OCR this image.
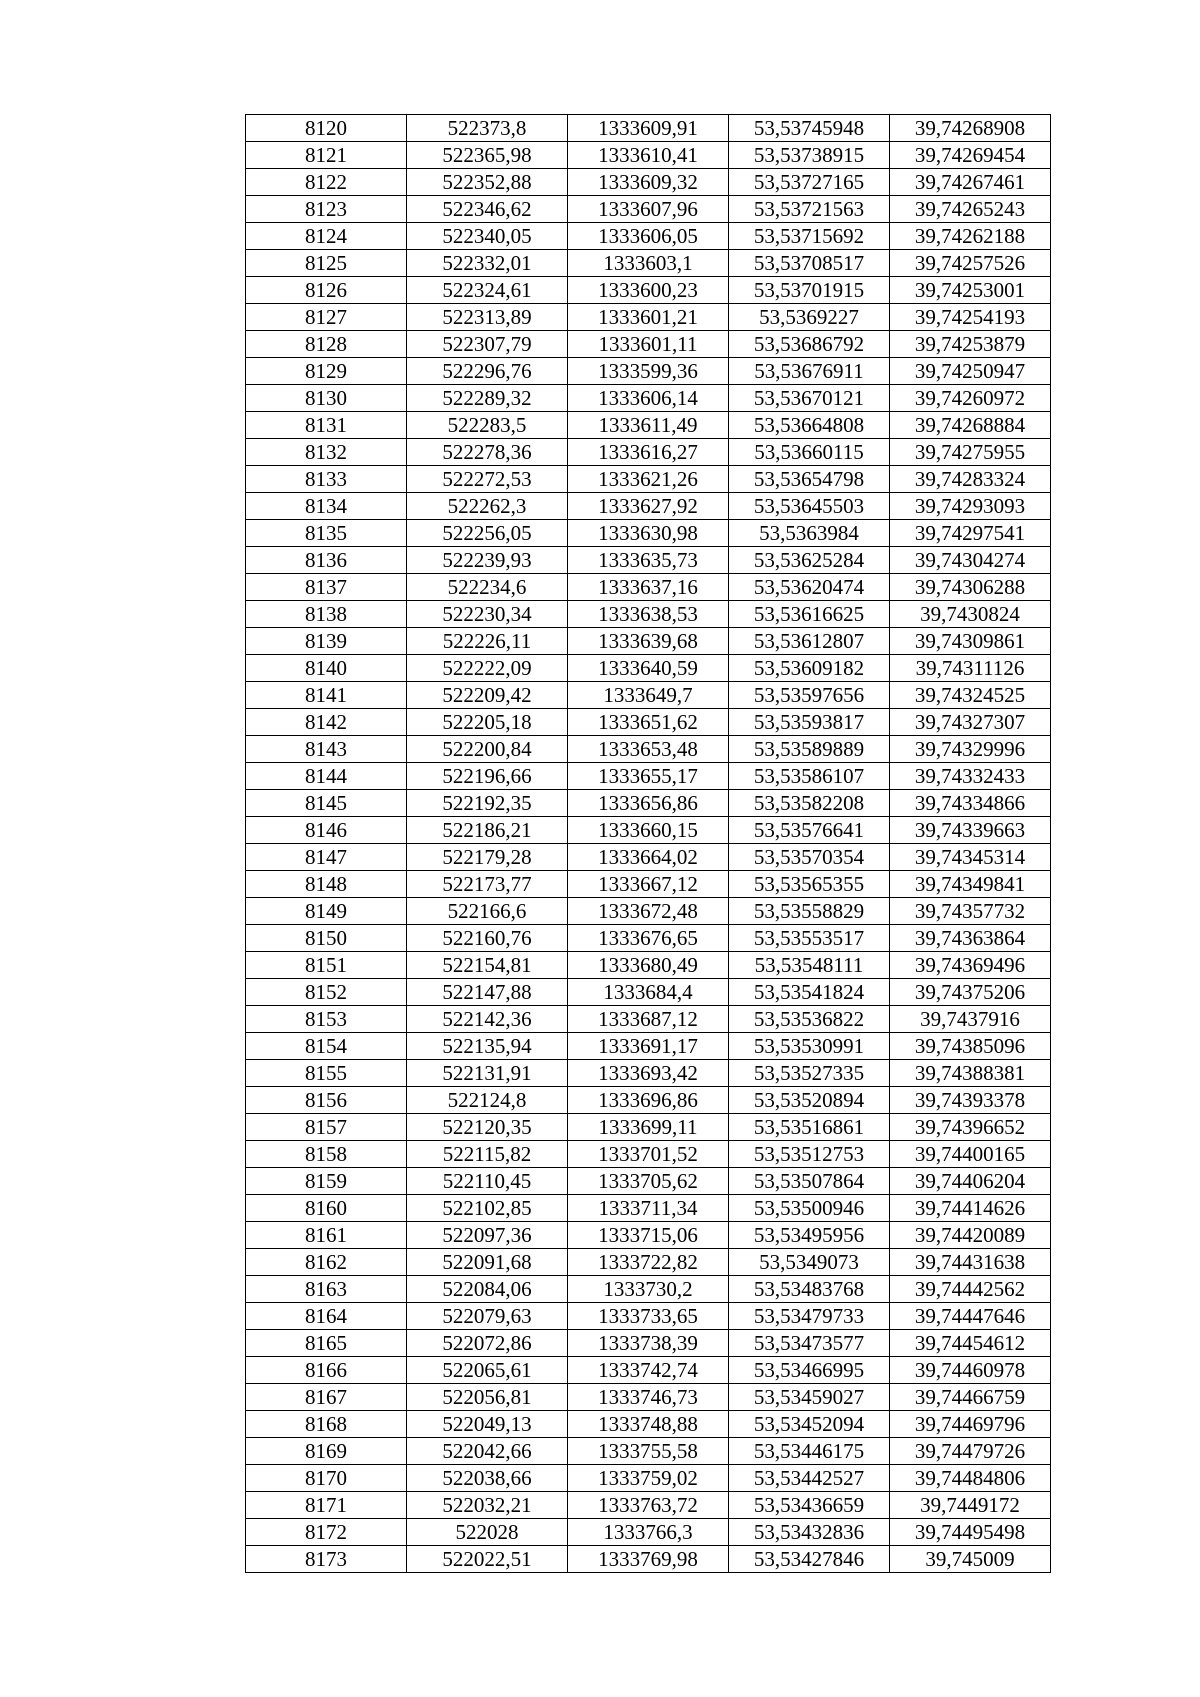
8120	522373,8	1333609,91	53,53745948	39,74268908
8121	522365,98	1333610,41	53,53738915	39,74269454
8122	522352,88	1333609,32	53,53727165	39,74267461
8123	522346,62	1333607,96	53,53721563	39,74265243
8124	522340,05	1333606,05	53,53715692	39,74262188
8125	522332,01	1333603,1	53,53708517	39,74257526
8126	522324,61	1333600,23	53,53701915	39,74253001
8127	522313,89	1333601,21	53,5369227	39,74254193
8128	522307,79	1333601,11	53,53686792	39,74253879
8129	522296,76	1333599,36	53,53676911	39,74250947
8130	522289,32	1333606,14	53,53670121	39,74260972
8131	522283,5	1333611,49	53,53664808	39,74268884
8132	522278,36	1333616,27	53,53660115	39,74275955
8133	522272,53	1333621,26	53,53654798	39,74283324
8134	522262,3	1333627,92	53,53645503	39,74293093
8135	522256,05	1333630,98	53,5363984	39,74297541
8136	522239,93	1333635,73	53,53625284	39,74304274
8137	522234,6	1333637,16	53,53620474	39,74306288
8138	522230,34	1333638,53	53,53616625	39,7430824
8139	522226,11	1333639,68	53,53612807	39,74309861
8140	522222,09	1333640,59	53,53609182	39,74311126
8141	522209,42	1333649,7	53,53597656	39,74324525
8142	522205,18	1333651,62	53,53593817	39,74327307
8143	522200,84	1333653,48	53,53589889	39,74329996
8144	522196,66	1333655,17	53,53586107	39,74332433
8145	522192,35	1333656,86	53,53582208	39,74334866
8146	522186,21	1333660,15	53,53576641	39,74339663
8147	522179,28	1333664,02	53,53570354	39,74345314
8148	522173,77	1333667,12	53,53565355	39,74349841
8149	522166,6	1333672,48	53,53558829	39,74357732
8150	522160,76	1333676,65	53,53553517	39,74363864
8151	522154,81	1333680,49	53,53548111	39,74369496
8152	522147,88	1333684,4	53,53541824	39,74375206
8153	522142,36	1333687,12	53,53536822	39,7437916
8154	522135,94	1333691,17	53,53530991	39,74385096
8155	522131,91	1333693,42	53,53527335	39,74388381
8156	522124,8	1333696,86	53,53520894	39,74393378
8157	522120,35	1333699,11	53,53516861	39,74396652
8158	522115,82	1333701,52	53,53512753	39,74400165
8159	522110,45	1333705,62	53,53507864	39,74406204
8160	522102,85	1333711,34	53,53500946	39,74414626
8161	522097,36	1333715,06	53,53495956	39,74420089
8162	522091,68	1333722,82	53,5349073	39,74431638
8163	522084,06	1333730,2	53,53483768	39,74442562
8164	522079,63	1333733,65	53,53479733	39,74447646
8165	522072,86	1333738,39	53,53473577	39,74454612
8166	522065,61	1333742,74	53,53466995	39,74460978
8167	522056,81	1333746,73	53,53459027	39,74466759
8168	522049,13	1333748,88	53,53452094	39,74469796
8169	522042,66	1333755,58	53,53446175	39,74479726
8170	522038,66	1333759,02	53,53442527	39,74484806
8171	522032,21	1333763,72	53,53436659	39,7449172
8172	522028	1333766,3	53,53432836	39,74495498
8173	522022,51	1333769,98	53,53427846	39,745009
